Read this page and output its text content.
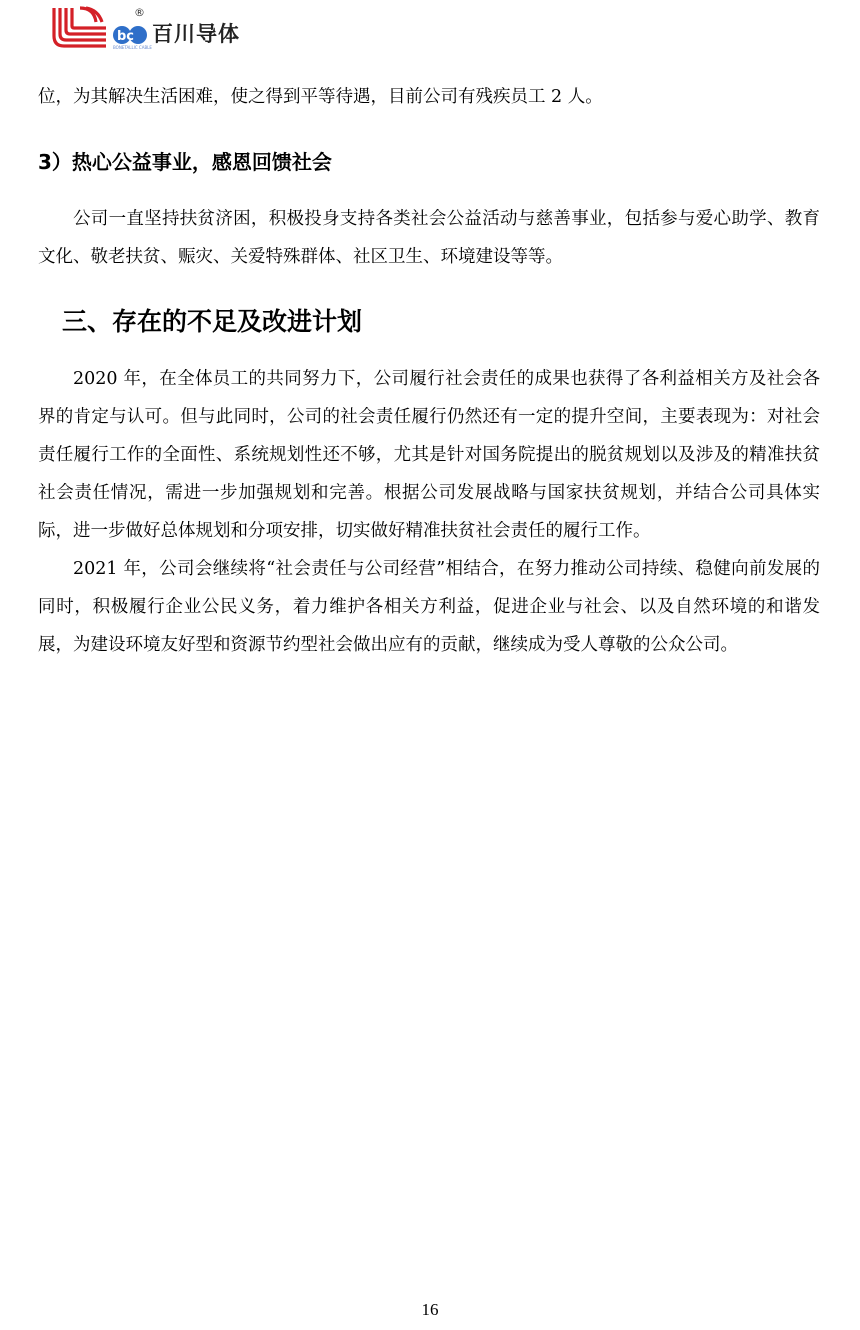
bc
®
百川导体
BONETALLIC CABLE

位，为其解决生活困难，使之得到平等待遇，目前公司有残疾员工 2 人。

3）热心公益事业，感恩回馈社会

公司一直坚持扶贫济困，积极投身支持各类社会公益活动与慈善事业，包括参与爱心助学、教育文化、敬老扶贫、赈灾、关爱特殊群体、社区卫生、环境建设等等。

三、存在的不足及改进计划

2020 年，在全体员工的共同努力下，公司履行社会责任的成果也获得了各利益相关方及社会各界的肯定与认可。但与此同时，公司的社会责任履行仍然还有一定的提升空间，主要表现为：对社会责任履行工作的全面性、系统规划性还不够，尤其是针对国务院提出的脱贫规划以及涉及的精准扶贫社会责任情况，需进一步加强规划和完善。根据公司发展战略与国家扶贫规划，并结合公司具体实际，进一步做好总体规划和分项安排，切实做好精准扶贫社会责任的履行工作。

2021 年，公司会继续将“社会责任与公司经营”相结合，在努力推动公司持续、稳健向前发展的同时，积极履行企业公民义务，着力维护各相关方利益，促进企业与社会、以及自然环境的和谐发展，为建设环境友好型和资源节约型社会做出应有的贡献，继续成为受人尊敬的公众公司。

16
